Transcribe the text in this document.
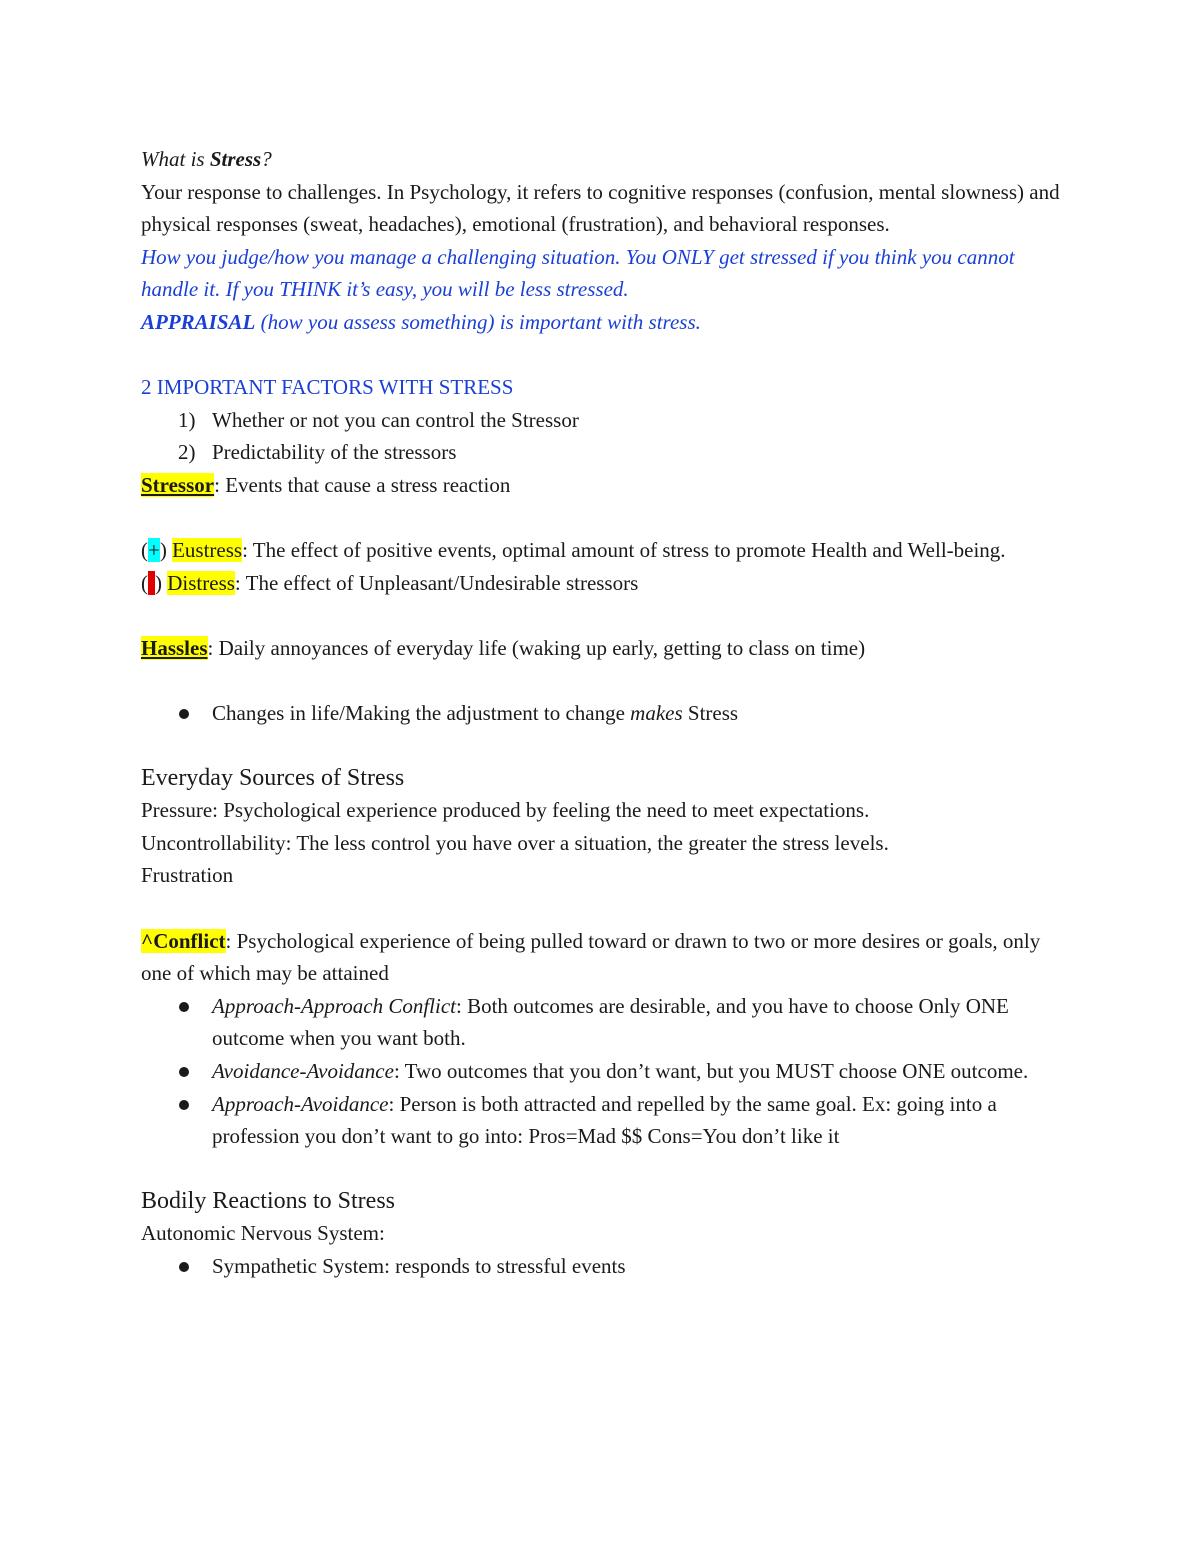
What is Stress?

Your response to challenges. In Psychology, it refers to cognitive responses (confusion, mental slowness) and physical responses (sweat, headaches), emotional (frustration), and behavioral responses.

How you judge/how you manage a challenging situation. You ONLY get stressed if you think you cannot handle it. If you THINK it’s easy, you will be less stressed.

APPRAISAL (how you assess something) is important with stress.

2 IMPORTANT FACTORS WITH STRESS

1) Whether or not you can control the Stressor
2) Predictability of the stressors

Stressor: Events that cause a stress reaction

(+) Eustress: The effect of positive events, optimal amount of stress to promote Health and Well-being.

(-) Distress: The effect of Unpleasant/Undesirable stressors

Hassles: Daily annoyances of everyday life (waking up early, getting to class on time)

Changes in life/Making the adjustment to change makes Stress
Everyday Sources of Stress

Pressure: Psychological experience produced by feeling the need to meet expectations.

Uncontrollability: The less control you have over a situation, the greater the stress levels.

Frustration

^Conflict: Psychological experience of being pulled toward or drawn to two or more desires or goals, only one of which may be attained

Approach-Approach Conflict: Both outcomes are desirable, and you have to choose Only ONE outcome when you want both.
Avoidance-Avoidance: Two outcomes that you don’t want, but you MUST choose ONE outcome.
Approach-Avoidance: Person is both attracted and repelled by the same goal. Ex: going into a profession you don’t want to go into: Pros=Mad $$ Cons=You don’t like it
Bodily Reactions to Stress

Autonomic Nervous System:

Sympathetic System: responds to stressful events
